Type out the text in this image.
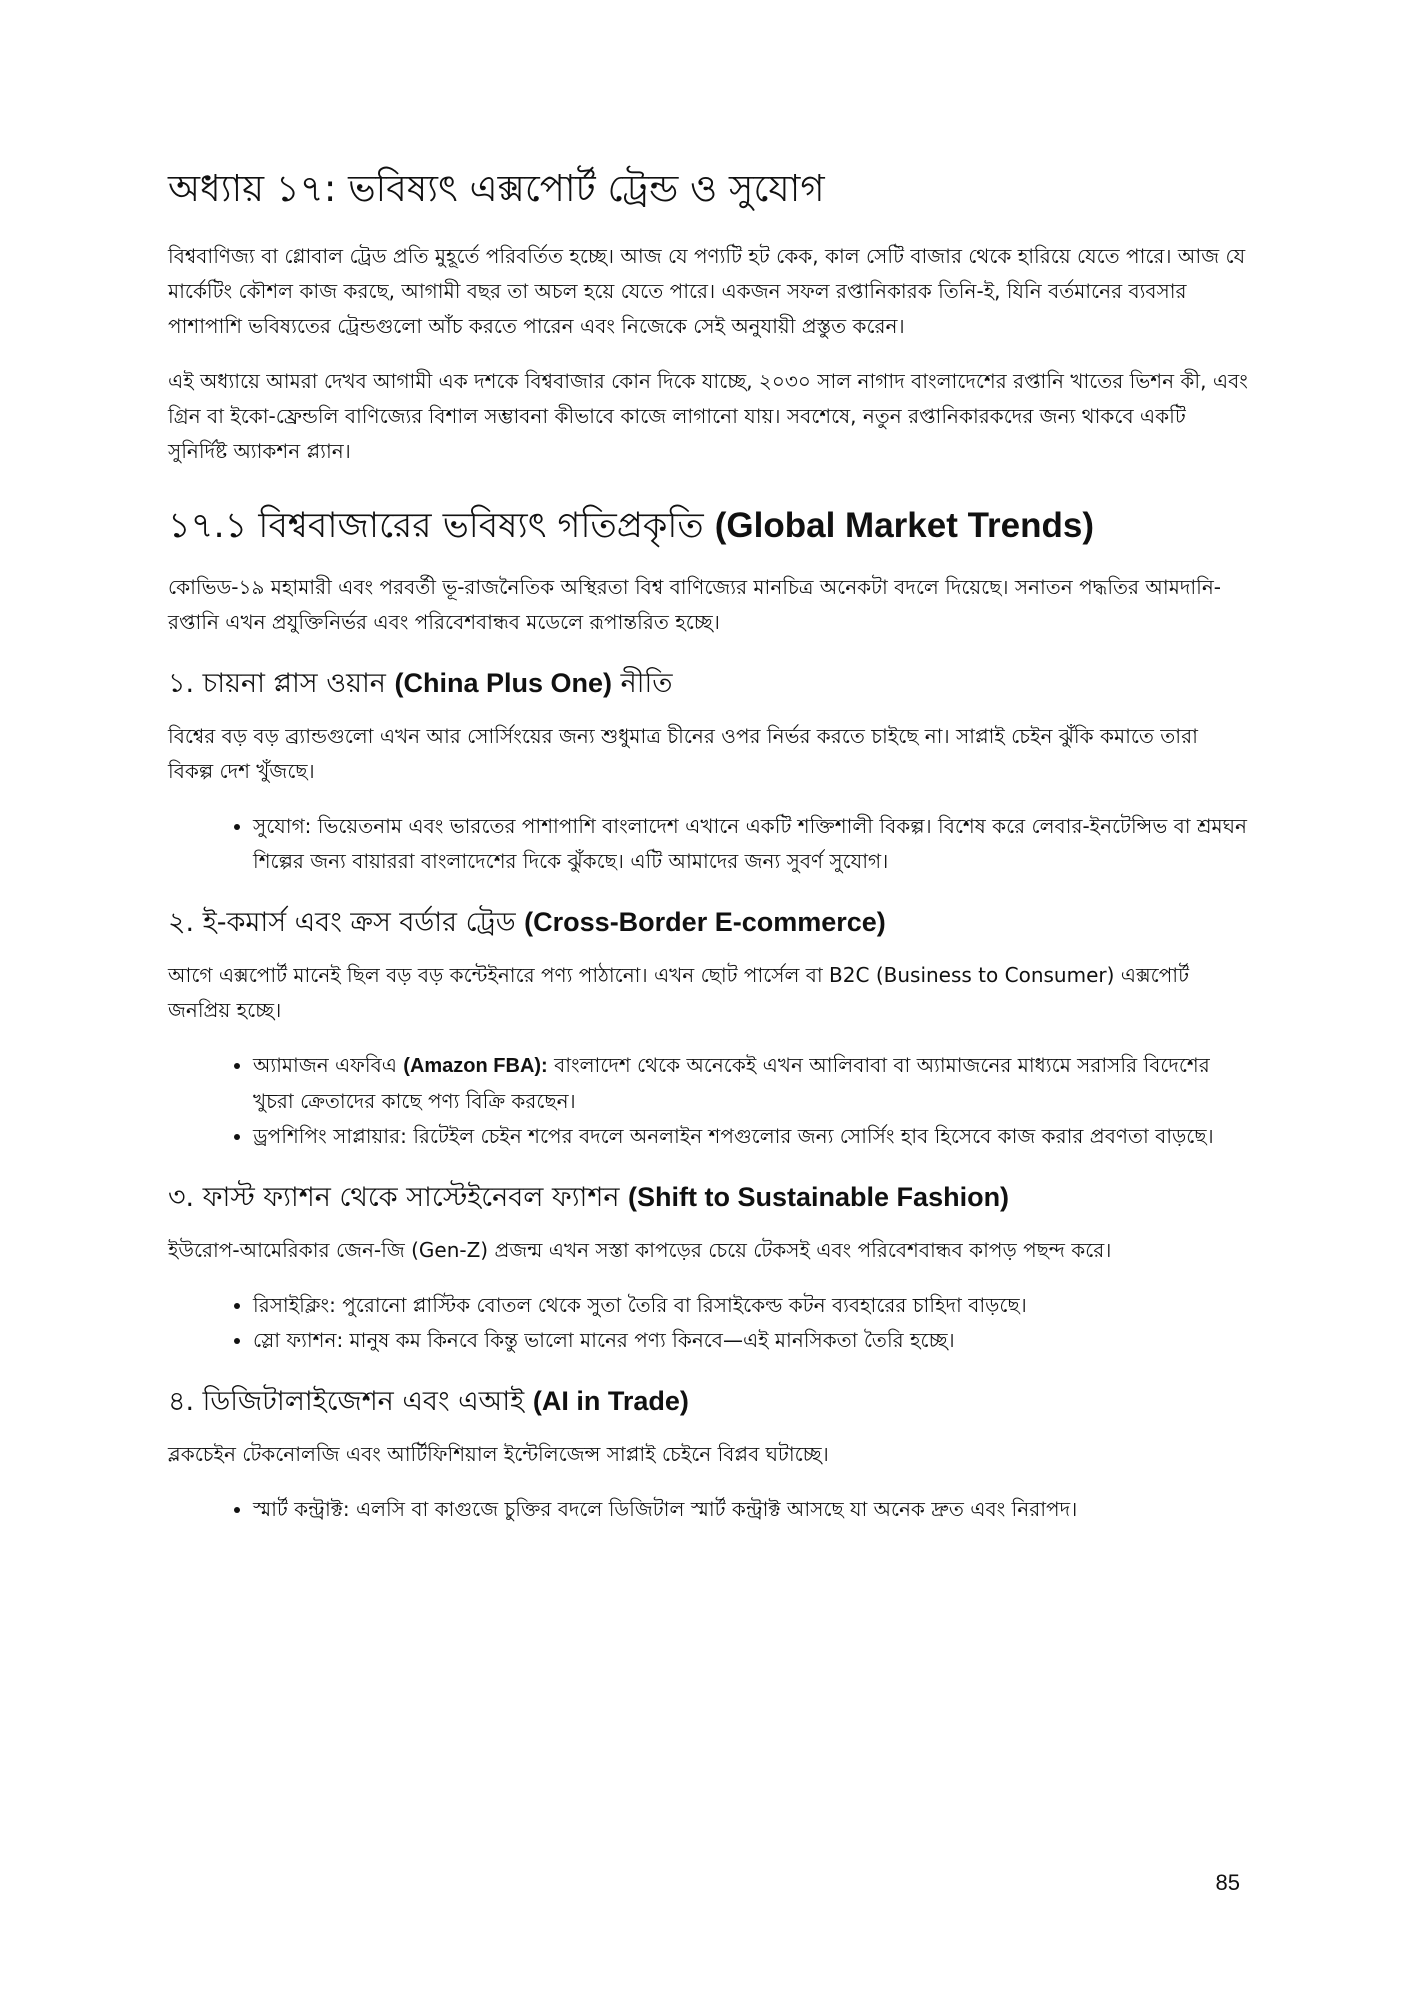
অধ্যায় ১৭: ভবিষ্যৎ এক্সপোর্ট ট্রেন্ড ও সুযোগ

বিশ্ববাণিজ্য বা গ্লোবাল ট্রেড প্রতি মুহূর্তে পরিবর্তিত হচ্ছে। আজ যে পণ্যটি হট কেক, কাল সেটি বাজার থেকে হারিয়ে যেতে পারে। আজ যে মার্কেটিং কৌশল কাজ করছে, আগামী বছর তা অচল হয়ে যেতে পারে। একজন সফল রপ্তানিকারক তিনি-ই, যিনি বর্তমানের ব্যবসার পাশাপাশি ভবিষ্যতের ট্রেন্ডগুলো আঁচ করতে পারেন এবং নিজেকে সেই অনুযায়ী প্রস্তুত করেন।

এই অধ্যায়ে আমরা দেখব আগামী এক দশকে বিশ্ববাজার কোন দিকে যাচ্ছে, ২০৩০ সাল নাগাদ বাংলাদেশের রপ্তানি খাতের ভিশন কী, এবং গ্রিন বা ইকো-ফ্রেন্ডলি বাণিজ্যের বিশাল সম্ভাবনা কীভাবে কাজে লাগানো যায়। সবশেষে, নতুন রপ্তানিকারকদের জন্য থাকবে একটি সুনির্দিষ্ট অ্যাকশন প্ল্যান।

১৭.১ বিশ্ববাজারের ভবিষ্যৎ গতিপ্রকৃতি (Global Market Trends)

কোভিড-১৯ মহামারী এবং পরবর্তী ভূ-রাজনৈতিক অস্থিরতা বিশ্ব বাণিজ্যের মানচিত্র অনেকটা বদলে দিয়েছে। সনাতন পদ্ধতির আমদানি-রপ্তানি এখন প্রযুক্তিনির্ভর এবং পরিবেশবান্ধব মডেলে রূপান্তরিত হচ্ছে।

১. চায়না প্লাস ওয়ান (China Plus One) নীতি

বিশ্বের বড় বড় ব্র্যান্ডগুলো এখন আর সোর্সিংয়ের জন্য শুধুমাত্র চীনের ওপর নির্ভর করতে চাইছে না। সাপ্লাই চেইন ঝুঁকি কমাতে তারা বিকল্প দেশ খুঁজছে।

• সুযোগ: ভিয়েতনাম এবং ভারতের পাশাপাশি বাংলাদেশ এখানে একটি শক্তিশালী বিকল্প। বিশেষ করে লেবার-ইনটেন্সিভ বা শ্রমঘন শিল্পের জন্য বায়াররা বাংলাদেশের দিকে ঝুঁকছে। এটি আমাদের জন্য সুবর্ণ সুযোগ।
২. ই-কমার্স এবং ক্রস বর্ডার ট্রেড (Cross-Border E-commerce)

আগে এক্সপোর্ট মানেই ছিল বড় বড় কন্টেইনারে পণ্য পাঠানো। এখন ছোট পার্সেল বা B2C (Business to Consumer) এক্সপোর্ট জনপ্রিয় হচ্ছে।

• অ্যামাজন এফবিএ (Amazon FBA): বাংলাদেশ থেকে অনেকেই এখন আলিবাবা বা অ্যামাজনের মাধ্যমে সরাসরি বিদেশের খুচরা ক্রেতাদের কাছে পণ্য বিক্রি করছেন।
• ড্রপশিপিং সাপ্লায়ার: রিটেইল চেইন শপের বদলে অনলাইন শপগুলোর জন্য সোর্সিং হাব হিসেবে কাজ করার প্রবণতা বাড়ছে।
৩. ফাস্ট ফ্যাশন থেকে সাস্টেইনেবল ফ্যাশন (Shift to Sustainable Fashion)

ইউরোপ-আমেরিকার জেন-জি (Gen-Z) প্রজন্ম এখন সস্তা কাপড়ের চেয়ে টেকসই এবং পরিবেশবান্ধব কাপড় পছন্দ করে।

• রিসাইক্লিং: পুরোনো প্লাস্টিক বোতল থেকে সুতা তৈরি বা রিসাইকেল্ড কটন ব্যবহারের চাহিদা বাড়ছে।
• স্লো ফ্যাশন: মানুষ কম কিনবে কিন্তু ভালো মানের পণ্য কিনবে—এই মানসিকতা তৈরি হচ্ছে।
৪. ডিজিটালাইজেশন এবং এআই (AI in Trade)

ব্লকচেইন টেকনোলজি এবং আর্টিফিশিয়াল ইন্টেলিজেন্স সাপ্লাই চেইনে বিপ্লব ঘটাচ্ছে।

• স্মার্ট কন্ট্রাক্ট: এলসি বা কাগুজে চুক্তির বদলে ডিজিটাল স্মার্ট কন্ট্রাক্ট আসছে যা অনেক দ্রুত এবং নিরাপদ।
85
